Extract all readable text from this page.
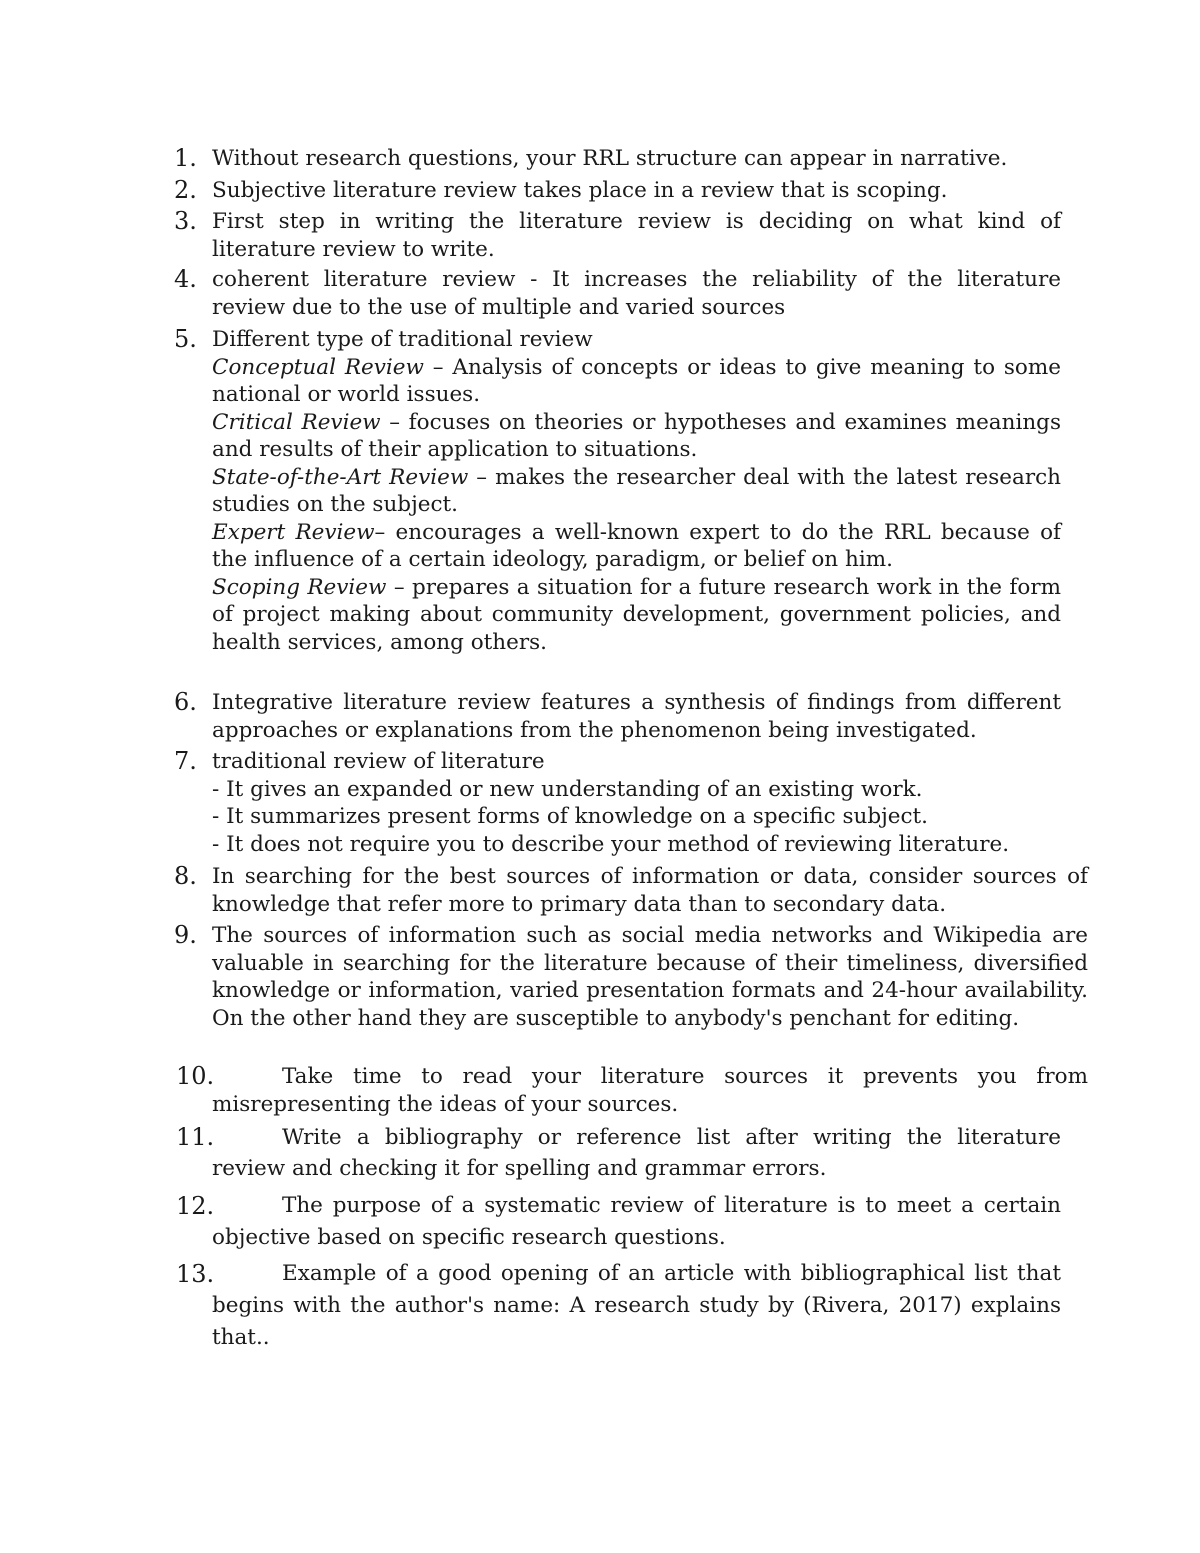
1. Without research questions, your RRL structure can appear in narrative.
2. Subjective literature review takes place in a review that is scoping.
3. First step in writing the literature review is deciding on what kind of literature review to write.
4. coherent literature review - It increases the reliability of the literature review due to the use of multiple and varied sources
5. Different type of traditional review
Conceptual Review – Analysis of concepts or ideas to give meaning to some national or world issues.
Critical Review – focuses on theories or hypotheses and examines meanings and results of their application to situations.
State-of-the-Art Review – makes the researcher deal with the latest research studies on the subject.
Expert Review– encourages a well-known expert to do the RRL because of the influence of a certain ideology, paradigm, or belief on him.
Scoping Review – prepares a situation for a future research work in the form of project making about community development, government policies, and health services, among others.
6. Integrative literature review features a synthesis of findings from different approaches or explanations from the phenomenon being investigated.
7. traditional review of literature
- It gives an expanded or new understanding of an existing work.
- It summarizes present forms of knowledge on a specific subject.
- It does not require you to describe your method of reviewing literature.
8. In searching for the best sources of information or data, consider sources of knowledge that refer more to primary data than to secondary data.
9. The sources of information such as social media networks and Wikipedia are valuable in searching for the literature because of their timeliness, diversified knowledge or information, varied presentation formats and 24-hour availability. On the other hand they are susceptible to anybody's penchant for editing.
10.	Take time to read your literature sources it prevents you from misrepresenting the ideas of your sources.
11.	Write a bibliography or reference list after writing the literature review and checking it for spelling and grammar errors.
12.	The purpose of a systematic review of literature is to meet a certain objective based on specific research questions.
13.	Example of a good opening of an article with bibliographical list that begins with the author's name: A research study by (Rivera, 2017) explains that..
